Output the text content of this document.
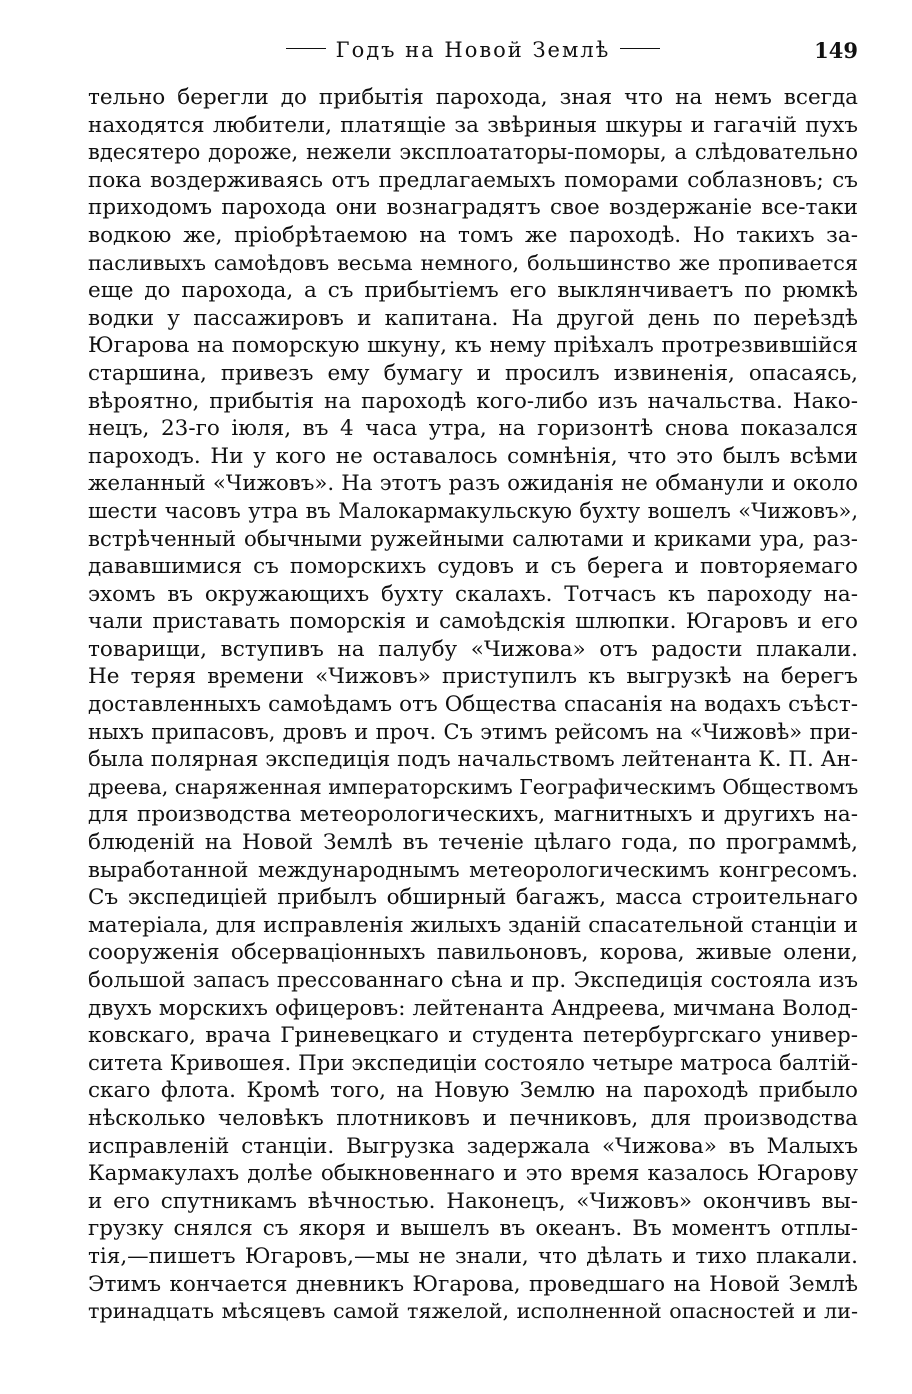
Годъ на Новой Землѣ	149
тельно берегли до прибытія парохода, зная что на немъ всегда
находятся любители, платящіе за звѣриныя шкуры и гагачій пухъ
вдесятеро дороже, нежели эксплоататоры-поморы, а слѣдовательно
пока воздерживаясь отъ предлагаемыхъ поморами соблазновъ; съ
приходомъ парохода они вознаградятъ свое воздержаніе все-таки
водкою же, пріобрѣтаемою на томъ же пароходѣ. Но такихъ за-
пасливыхъ самоѣдовъ весьма немного, большинство же пропивается
еще до парохода, а съ прибытіемъ его выклянчиваетъ по рюмкѣ
водки у пассажировъ и капитана. На другой день по переѣздѣ
Югарова на поморскую шкуну, къ нему пріѣхалъ протрезвившійся
старшина, привезъ ему бумагу и просилъ извиненія, опасаясь,
вѣроятно, прибытія на пароходѣ кого-либо изъ начальства. Нако-
нецъ, 23-го іюля, въ 4 часа утра, на горизонтѣ снова показался
пароходъ. Ни у кого не оставалось сомнѣнія, что это былъ всѣми
желанный «Чижовъ». На этотъ разъ ожиданія не обманули и около
шести часовъ утра въ Малокармакульскую бухту вошелъ «Чижовъ»,
встрѣченный обычными ружейными салютами и криками ура, раз-
дававшимися съ поморскихъ судовъ и съ берега и повторяемаго
эхомъ въ окружающихъ бухту скалахъ. Тотчасъ къ пароходу на-
чали приставать поморскія и самоѣдскія шлюпки. Югаровъ и его
товарищи, вступивъ на палубу «Чижова» отъ радости плакали.
Не теряя времени «Чижовъ» приступилъ къ выгрузкѣ на берегъ
доставленныхъ самоѣдамъ отъ Общества спасанія на водахъ съѣст-
ныхъ припасовъ, дровъ и проч. Съ этимъ рейсомъ на «Чижовѣ» при-
была полярная экспедиція подъ начальствомъ лейтенанта К. П. Ан-
дреева, снаряженная императорскимъ Географическимъ Обществомъ
для производства метеорологическихъ, магнитныхъ и другихъ на-
блюденій на Новой Землѣ въ теченіе цѣлаго года, по программѣ,
выработанной международнымъ метеорологическимъ конгресомъ.
Съ экспедиціей прибылъ обширный багажъ, масса строительнаго
матеріала, для исправленія жилыхъ зданій спасательной станціи и
сооруженія обсерваціонныхъ павильоновъ, корова, живые олени,
большой запасъ прессованнаго сѣна и пр. Экспедиція состояла изъ
двухъ морскихъ офицеровъ: лейтенанта Андреева, мичмана Волод-
ковскаго, врача Гриневецкаго и студента петербургскаго универ-
ситета Кривошея. При экспедиціи состояло четыре матроса балтій-
скаго флота. Кромѣ того, на Новую Землю на пароходѣ прибыло
нѣсколько человѣкъ плотниковъ и печниковъ, для производства
исправленій станціи. Выгрузка задержала «Чижова» въ Малыхъ
Кармакулахъ долѣе обыкновеннаго и это время казалось Югарову
и его спутникамъ вѣчностью. Наконецъ, «Чижовъ» окончивъ вы-
грузку снялся съ якоря и вышелъ въ океанъ. Въ моментъ отплы-
тія,—пишетъ Югаровъ,—мы не знали, что дѣлать и тихо плакали.
Этимъ кончается дневникъ Югарова, проведшаго на Новой Землѣ
тринадцать мѣсяцевъ самой тяжелой, исполненной опасностей и ли-
